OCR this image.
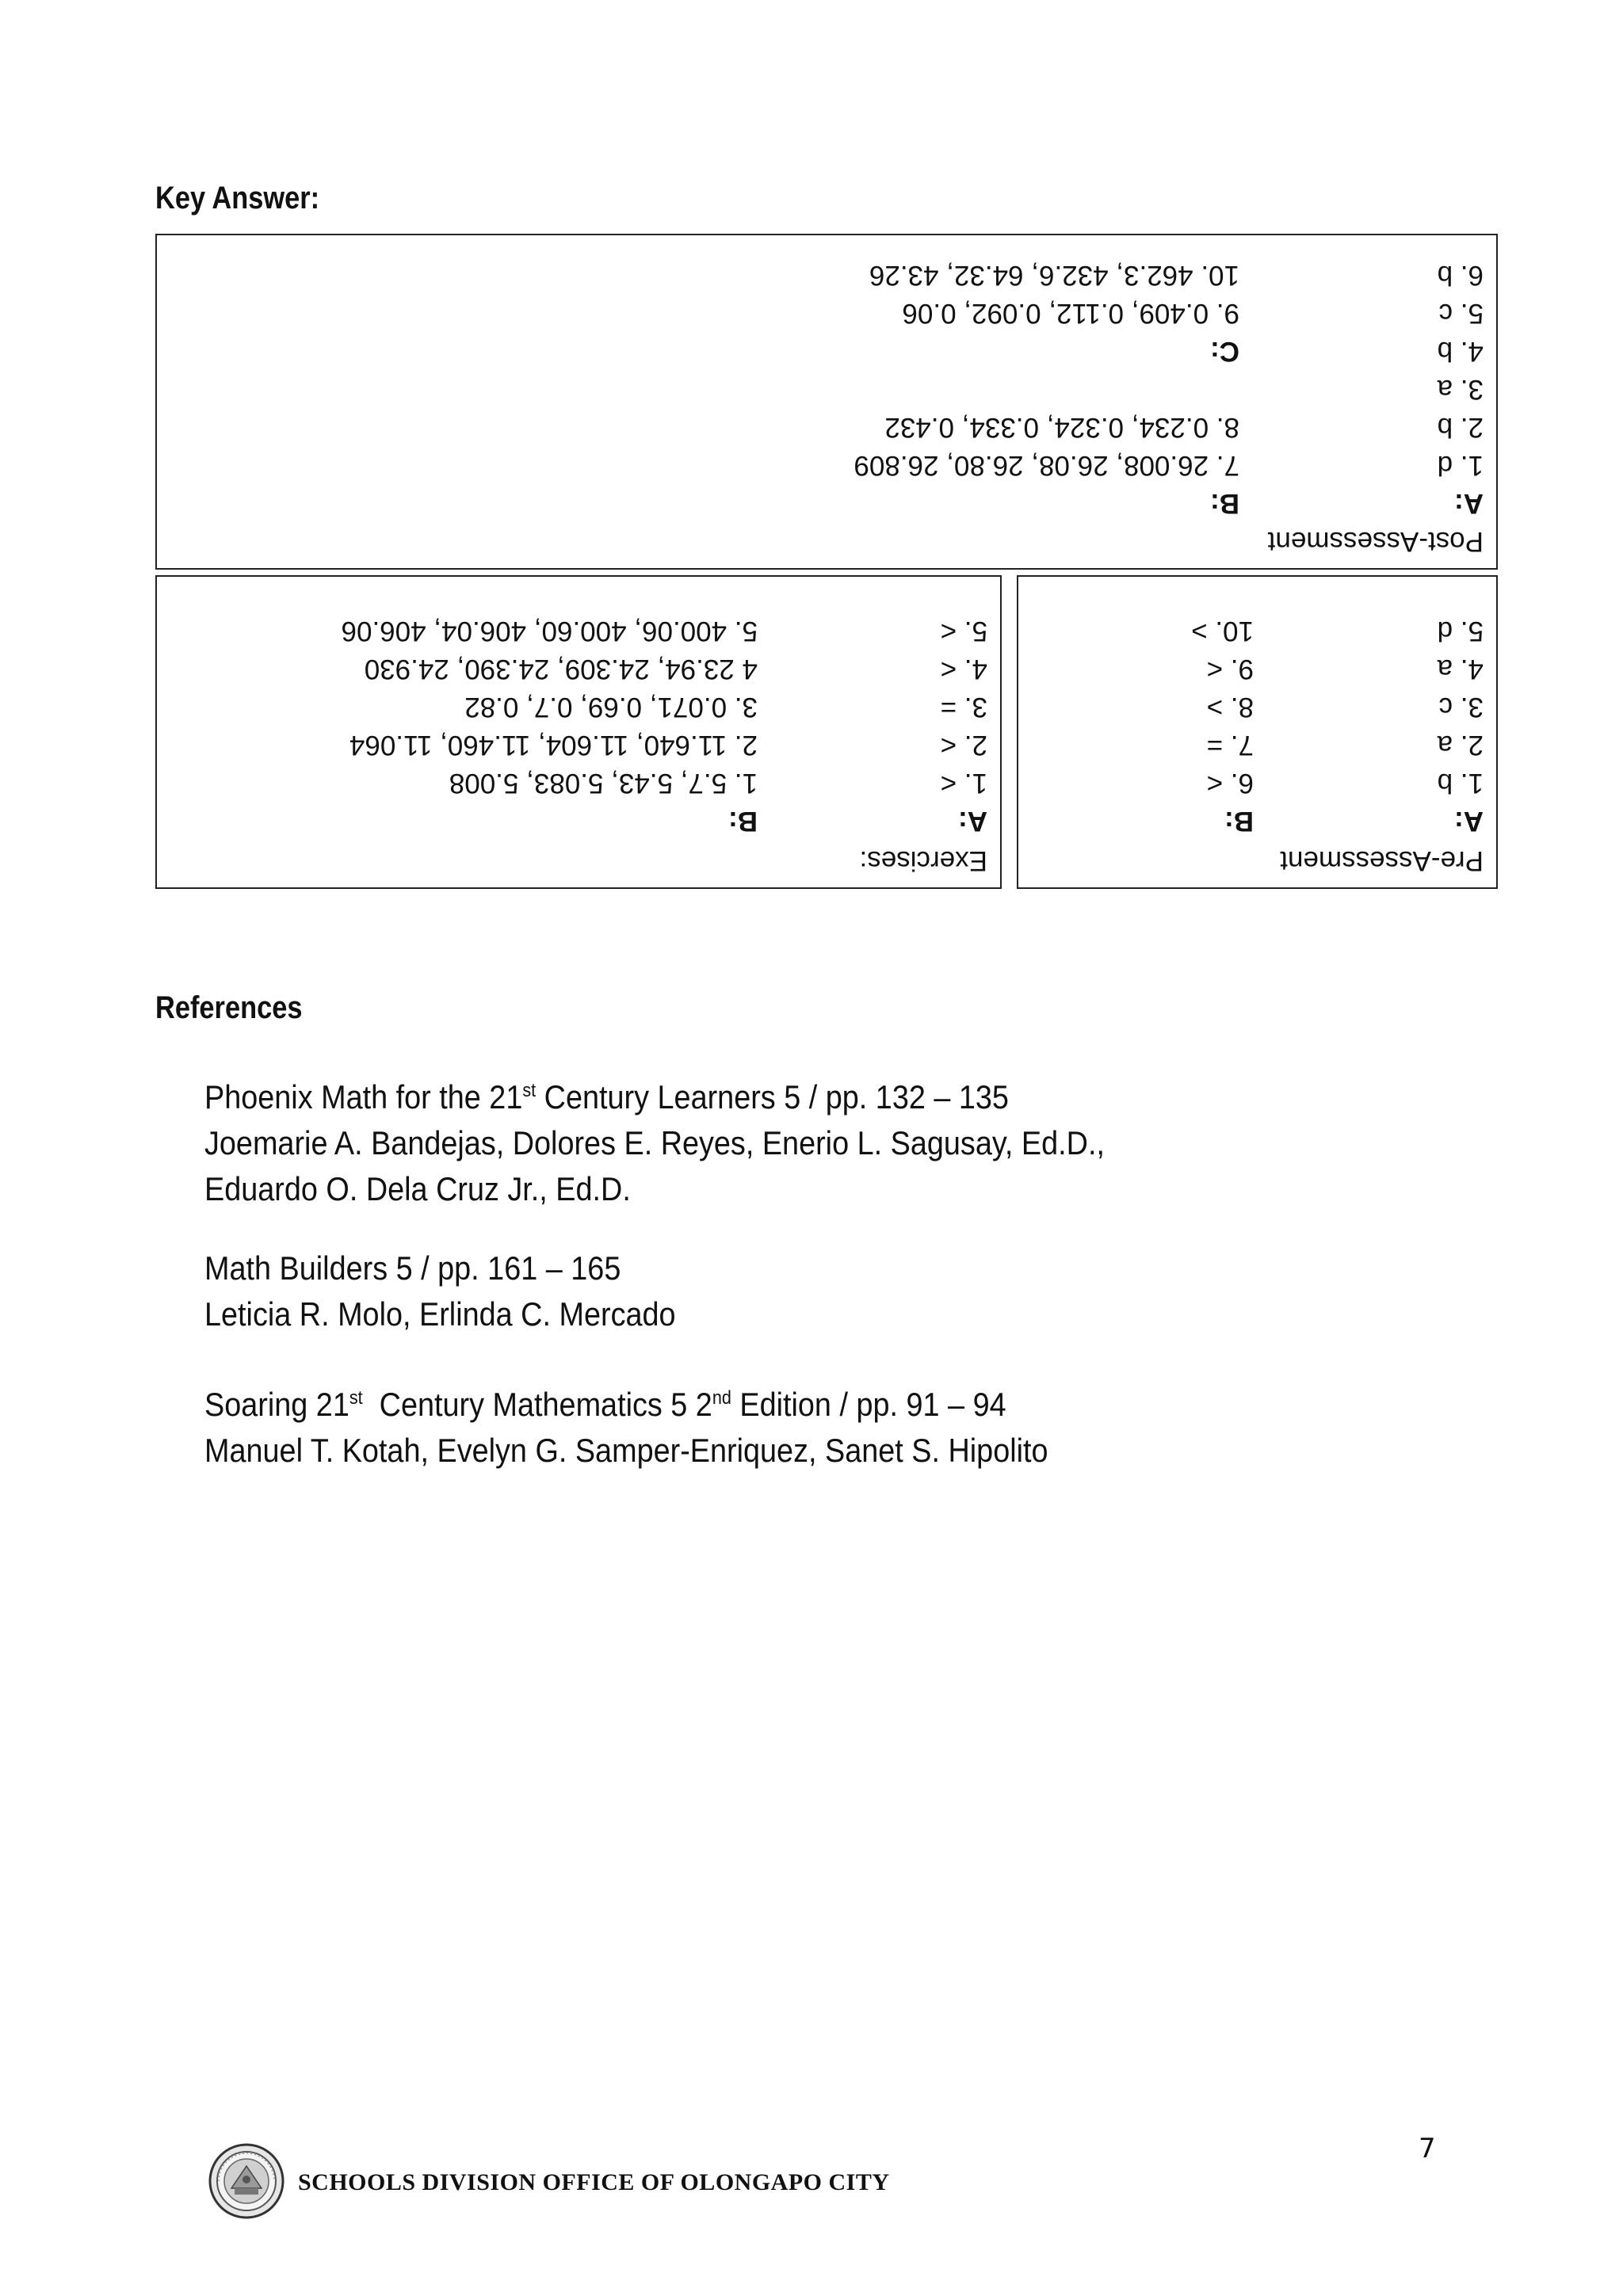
Key Answer:
Post-Assessment
A:
1. d
2. b
3. a
4. b
5. c
6. b
B:
7. 26.008, 26.08, 26.80, 26.809
8. 0.234, 0.324, 0.334, 0.432
C:
9. 0.409, 0.112, 0.092, 0.06
10. 462.3, 432.6, 64.32, 43.26
Pre-Assessment
A:
1. b
2. a
3. c
4. a
5. d
B:
6. <
7. =
8. >
9. <
10. >
Exercises:
A:
1. <
2. <
3. =
4. <
5. <
B:
1. 5.7, 5.43, 5.083, 5.008
2. 11.640, 11.604, 11.460, 11.064
3. 0.071, 0.69, 0.7, 0.82
4 23.94, 24.309, 24.390, 24.930
5. 400.06, 400.60, 406.04, 406.06
References
Phoenix Math for the 21st Century Learners 5 / pp. 132 – 135
Joemarie A. Bandejas, Dolores E. Reyes, Enerio L. Sagusay, Ed.D.,
Eduardo O. Dela Cruz Jr., Ed.D.
Math Builders 5 / pp. 161 – 165
Leticia R. Molo, Erlinda C. Mercado
Soaring 21st  Century Mathematics 5 2nd Edition / pp. 91 – 94
Manuel T. Kotah, Evelyn G. Samper-Enriquez, Sanet S. Hipolito
7
SCHOOLS DIVISION OFFICE OF OLONGAPO CITY
